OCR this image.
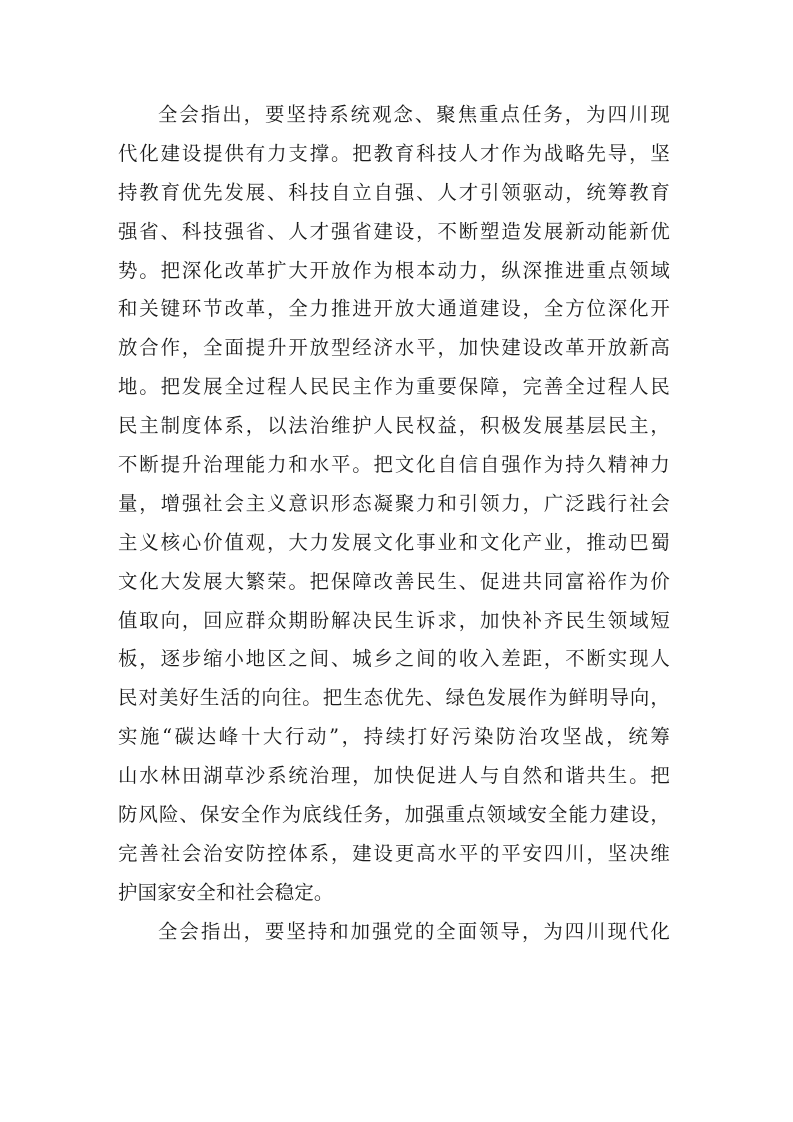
全会指出，要坚持系统观念、聚焦重点任务，为四川现
代化建设提供有力支撑。把教育科技人才作为战略先导，坚
持教育优先发展、科技自立自强、人才引领驱动，统筹教育
强省、科技强省、人才强省建设，不断塑造发展新动能新优
势。把深化改革扩大开放作为根本动力，纵深推进重点领域
和关键环节改革，全力推进开放大通道建设，全方位深化开
放合作，全面提升开放型经济水平，加快建设改革开放新高
地。把发展全过程人民民主作为重要保障，完善全过程人民
民主制度体系，以法治维护人民权益，积极发展基层民主，
不断提升治理能力和水平。把文化自信自强作为持久精神力
量，增强社会主义意识形态凝聚力和引领力，广泛践行社会
主义核心价值观，大力发展文化事业和文化产业，推动巴蜀
文化大发展大繁荣。把保障改善民生、促进共同富裕作为价
值取向，回应群众期盼解决民生诉求，加快补齐民生领域短
板，逐步缩小地区之间、城乡之间的收入差距，不断实现人
民对美好生活的向往。把生态优先、绿色发展作为鲜明导向，
实施“碳达峰十大行动”，持续打好污染防治攻坚战，统筹
山水林田湖草沙系统治理，加快促进人与自然和谐共生。把
防风险、保安全作为底线任务，加强重点领域安全能力建设，
完善社会治安防控体系，建设更高水平的平安四川，坚决维
护国家安全和社会稳定。
全会指出，要坚持和加强党的全面领导，为四川现代化
